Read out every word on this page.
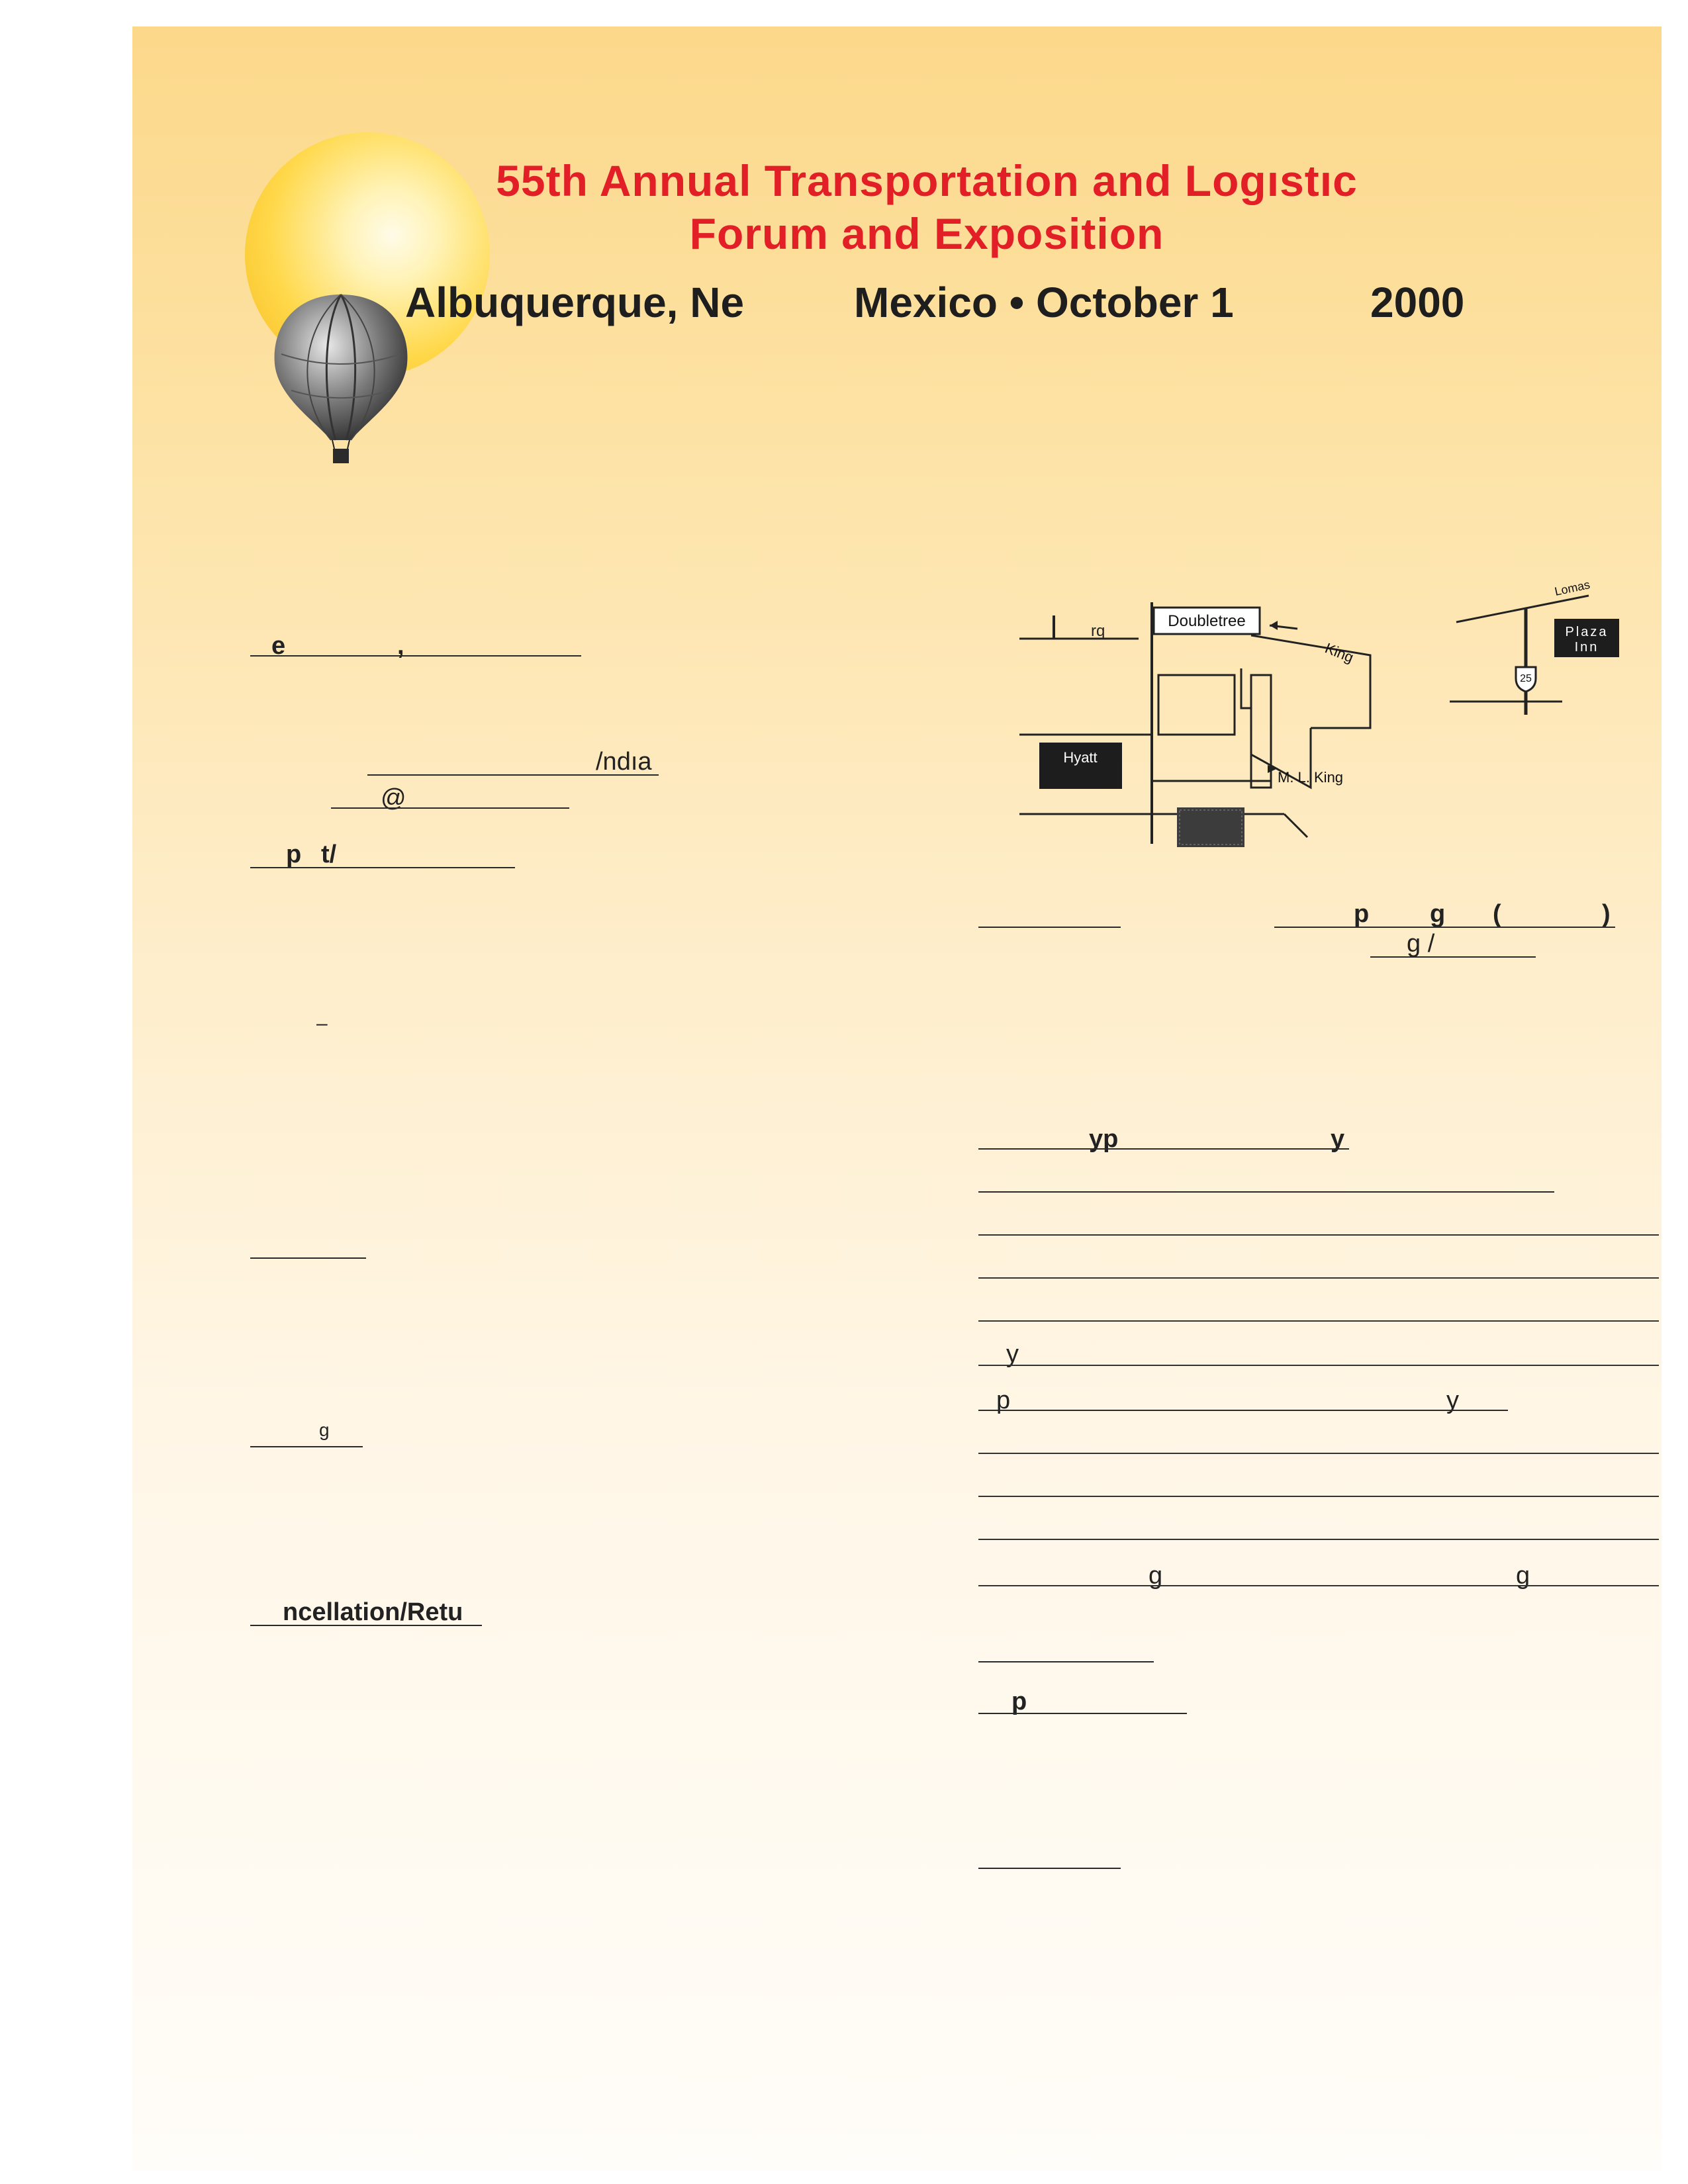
55th Annual Transportation and Logıstıc
Forum and Exposition
Albuquerque, Ne	Mexico • October 1	2000
e	,
/ndıa
@
p t/
–
ɡ
ncellation/Retu
Doubletree
King
Hyatt
M. L. King
rq
Lomas
Plaza
Inn
25
p g (	)
g /
yp	y
y
p	y
g	g
p
